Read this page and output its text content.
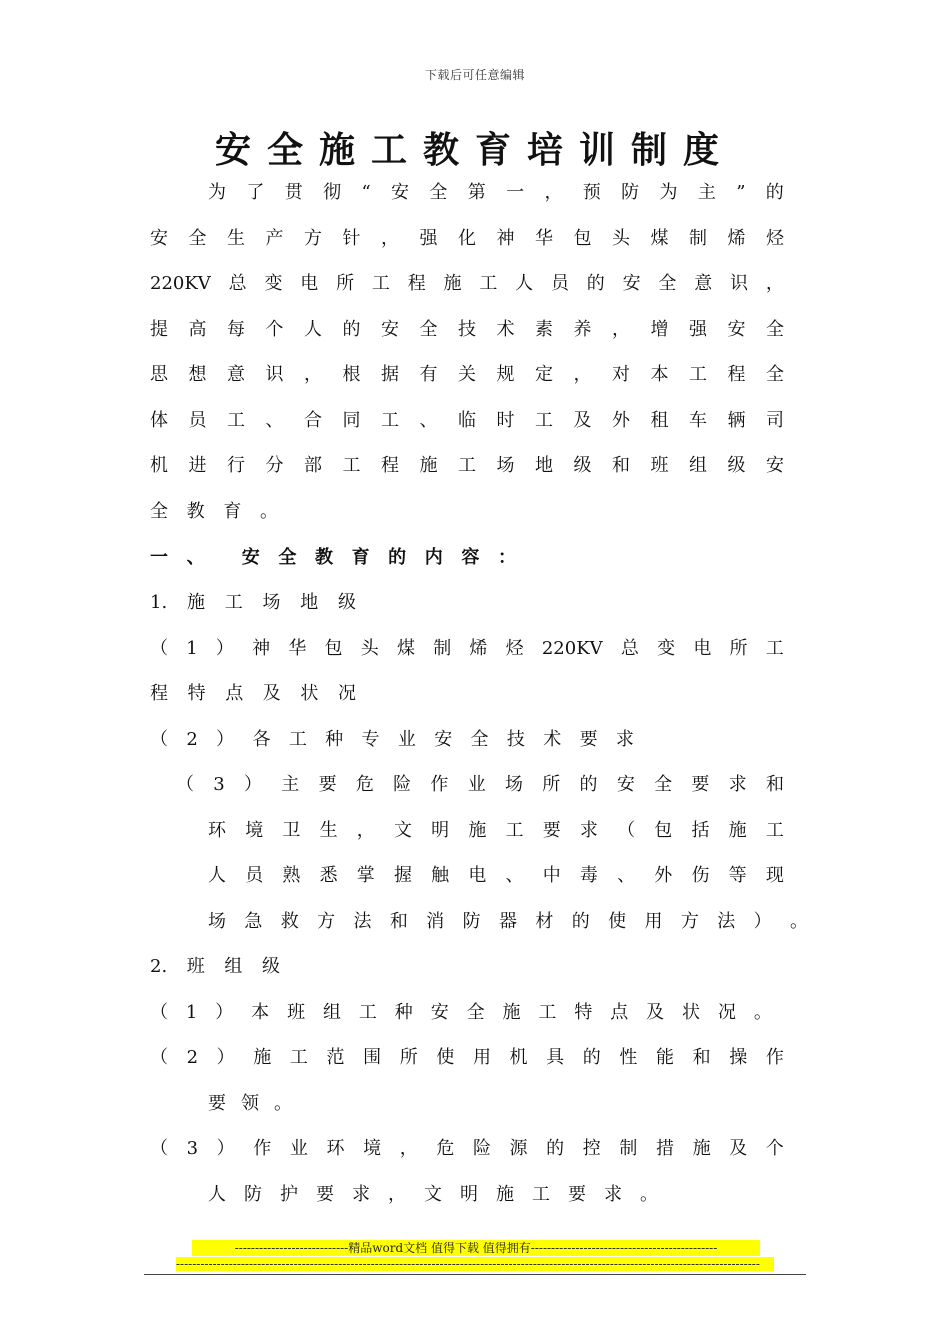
下载后可任意编辑
安全施工教育培训制度
为 了 贯 彻 “ 安 全 第 一 ， 预 防 为 主 ” 的
安 全 生 产 方 针 ， 强 化 神 华 包 头 煤 制 烯 烃
220KV 总 变 电 所 工 程 施 工 人 员 的 安 全 意 识 ，
提 高 每 个 人 的 安 全 技 术 素 养 ， 增 强 安 全
思 想 意 识 ， 根 据 有 关 规 定 ， 对 本 工 程 全
体 员 工 、 合 同 工 、 临 时 工 及 外 租 车 辆 司
机 进 行 分 部 工 程 施 工 场 地 级 和 班 组 级 安
全 教 育 。
一 、 安 全 教 育 的 内 容 ：
1. 施 工 场 地 级
（ 1 ） 神 华 包 头 煤 制 烯 烃 220KV 总 变 电 所 工
程 特 点 及 状 况
（ 2 ） 各 工 种 专 业 安 全 技 术 要 求
（ 3 ） 主 要 危 险 作 业 场 所 的 安 全 要 求 和
环 境 卫 生 ， 文 明 施 工 要 求 （ 包 括 施 工
人 员 熟 悉 掌 握 触 电 、 中 毒 、 外 伤 等 现
场 急 救 方 法 和 消 防 器 材 的 使 用 方 法 ） 。
2. 班 组 级
（ 1 ） 本 班 组 工 种 安 全 施 工 特 点 及 状 况 。
（ 2 ） 施 工 范 围 所 使 用 机 具 的 性 能 和 操 作
要 领 。
（ 3 ） 作 业 环 境 ， 危 险 源 的 控 制 措 施 及 个
人 防 护 要 求 ， 文 明 施 工 要 求 。
----------------------------精品word文档 值得下载 值得拥有----------------------------------------------
------------------------------------------------------------------------------------------------------------------------------------------------
